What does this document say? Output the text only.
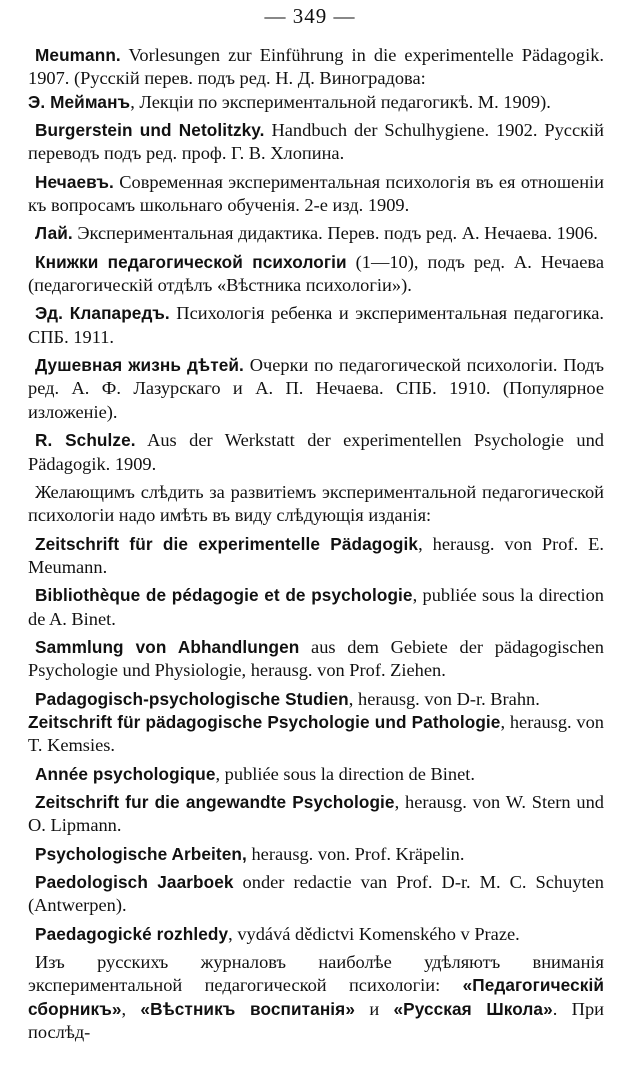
— 349 —

Meumann. Vorlesungen zur Einführung in die experimentelle Pädagogik. 1907. (Русскій перев. подъ ред. Н. Д. Виноградова:

Э. Мейманъ, Лекціи по экспериментальной педагогикѣ. М. 1909).

Burgerstein und Netolitzky. Handbuch der Schulhygiene. 1902. Русскій переводъ подъ ред. проф. Г. В. Хлопина.

Нечаевъ. Современная экспериментальная психологія въ ея отношеніи къ вопросамъ школьнаго обученія. 2-е изд. 1909.

Лай. Экспериментальная дидактика. Перев. подъ ред. А. Нечаева. 1906.

Книжки педагогической психологіи (1—10), подъ ред. А. Нечаева (педагогическій отдѣлъ «Вѣстника психологіи»).

Эд. Клапаредъ. Психологія ребенка и экспериментальная педагогика. СПБ. 1911.

Душевная жизнь дѣтей. Очерки по педагогической психологіи. Подъ ред. А. Ф. Лазурскаго и А. П. Нечаева. СПБ. 1910. (Популярное изложеніе).

R. Schulze. Aus der Werkstatt der experimentellen Psychologie und Pädagogik. 1909.

Желающимъ слѣдить за развитіемъ экспериментальной педагогической психологіи надо имѣть въ виду слѣдующія изданія:

Zeitschrift für die experimentelle Pädagogik, herausg. von Prof. E. Meumann.

Bibliothèque de pédagogie et de psychologie, publiée sous la direction de A. Binet.

Sammlung von Abhandlungen aus dem Gebiete der pädagogischen Psychologie und Physiologie, herausg. von Prof. Ziehen.

Padagogisch-psychologische Studien, herausg. von D-r. Brahn.

Zeitschrift für pädagogische Psychologie und Pathologie, herausg. von T. Kemsies.

Année psychologique, publiée sous la direction de Binet.

Zeitschrift fur die angewandte Psychologie, herausg. von W. Stern und O. Lipmann.

Psychologische Arbeiten, herausg. von. Prof. Kräpelin.

Paedologisch Jaarboek onder redactie van Prof. D-r. M. C. Schuyten (Antwerpen).

Paedagogické rozhledy, vydává dědictvi Komenského v Praze.

Изъ русскихъ журналовъ наиболѣе удѣляютъ вниманія экспериментальной педагогической психологіи: «Педагогическій сборникъ», «Вѣстникъ воспитанія» и «Русская Школа». При послѣд-
